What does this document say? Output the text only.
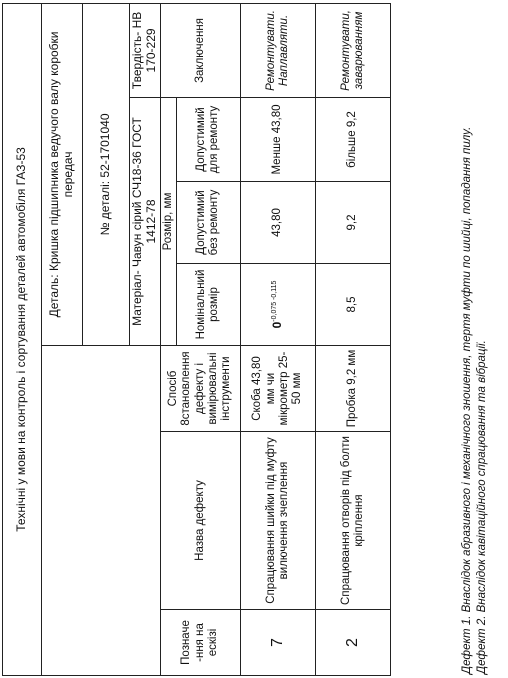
Технічні у мови на контроль і сортування деталей автомобіля ГАЗ-53						
			Деталь: Кришка підшипника ведучого валу коробки передач			
			№ деталі: 52-1701040			
			Матеріал- Чавун сірий СЧ18-36 ГОСТ 1412-78			Твердість- НВ 170-229
Позначе -ння на ескізі	Назва дефекту	Спосіб 8становлення дефекту і вимірювальні інструменти	Розмір, мм			Заключення
			Номінальний розмір	Допустимий без ремонту	Допустимий для ремонту	
7	Спрацювання шийки під муфту вилючення зчеплення	Скоба 43,80 мм чи мікрометр 25-50 мм	$0^{-0,075 -0,115}$	43,80	Менше 43,80	Ремонтувати. Наплавляти.
2	Спрацювання отворів під болти кріплення	Пробка 9,2 мм	8,5	9,2	більше 9,2	Ремонтувати, заварюванням
Дефект 1. Внаслідок абразивного і механічного зношення, тертя муфти по шийці, попадання пилу. Дефект 2. Внаслідок кавітаційного спрацювання та вібрації.
